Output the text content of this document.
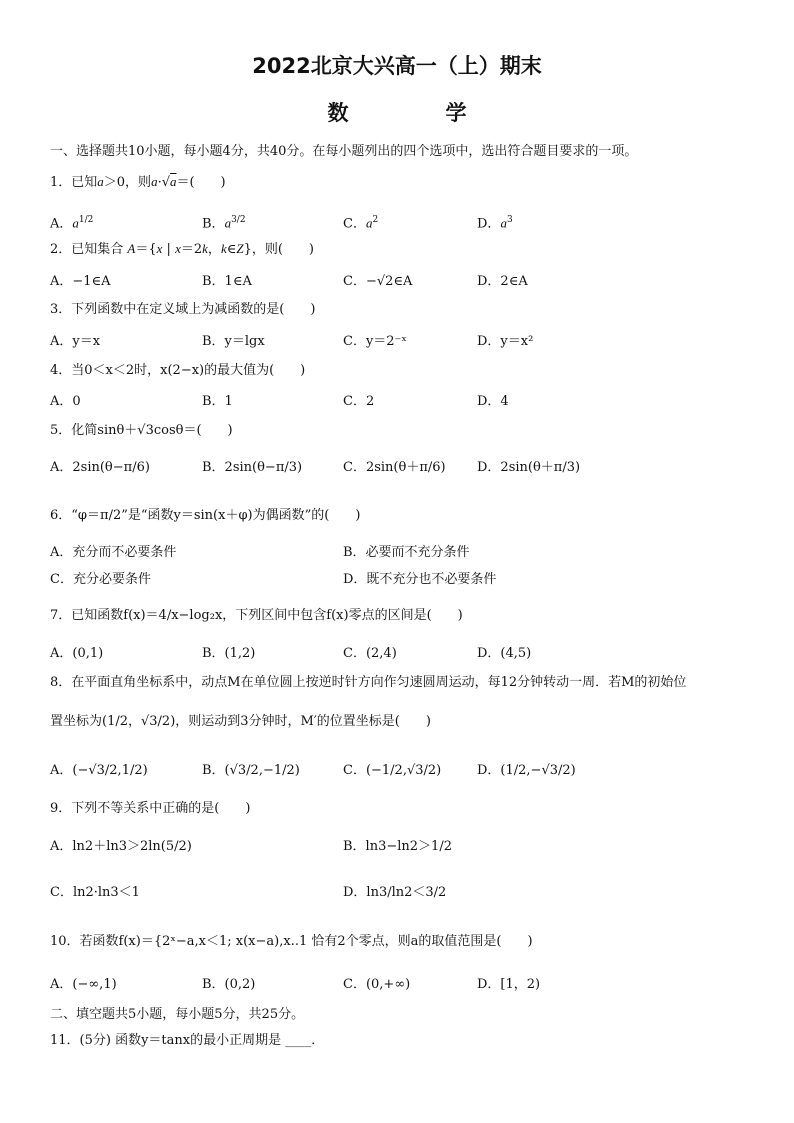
2022北京大兴高一（上）期末
数　学
一、选择题共10小题，每小题4分，共40分。在每小题列出的四个选项中，选出符合题目要求的一项。
1．已知a＞0，则a·√a＝(　　)
A．$a^{1/2}$	B．$a^{3/2}$	C．$a^2$	D．$a^3$
2．已知集合 A＝{x | x＝2k，k∈Z}，则(　　)
A．−1∈A	B．1∈A	C．−√2∈A	D．2∈A
3．下列函数中在定义域上为减函数的是(　　)
A．y＝x	B．y＝lgx	C．y＝2⁻ˣ	D．y＝x²
4．当0＜x＜2时，x(2−x)的最大值为(　　)
A．0	B．1	C．2	D．4
5．化简sinθ＋√3cosθ＝(　　)
A．2sin(θ−π/6)	B．2sin(θ−π/3)	C．2sin(θ＋π/6) D．2sin(θ＋π/3)
6．“φ＝π/2”是“函数y＝sin(x＋φ)为偶函数”的(　　)
A．充分而不必要条件	B．必要而不充分条件
C．充分必要条件	D．既不充分也不必要条件
7．已知函数f(x)＝4/x−log₂x，下列区间中包含f(x)零点的区间是(　　)
A．(0,1)	B．(1,2)	C．(2,4)	D．(4,5)
8．在平面直角坐标系中，动点M在单位圆上按逆时针方向作匀速圆周运动，每12分钟转动一周．若M的初始位
置坐标为(1/2，√3/2)，则运动到3分钟时，M′的位置坐标是(　　)
A．(−√3/2,1/2)	B．(√3/2,−1/2)	C．(−1/2,√3/2)	D．(1/2,−√3/2)
9．下列不等关系中正确的是(　　)
A．ln2＋ln3＞2ln(5/2)	B．ln3−ln2＞1/2
C．ln2·ln3＜1	D．ln3/ln2＜3/2
10．若函数f(x)＝{2ˣ−a,x＜1; x(x−a),x..1 恰有2个零点，则a的取值范围是(　　)
A．(−∞,1)	B．(0,2)	C．(0,+∞)	D．[1，2)
二、填空题共5小题，每小题5分，共25分。
11．(5分) 函数y＝tanx的最小正周期是 ____．
